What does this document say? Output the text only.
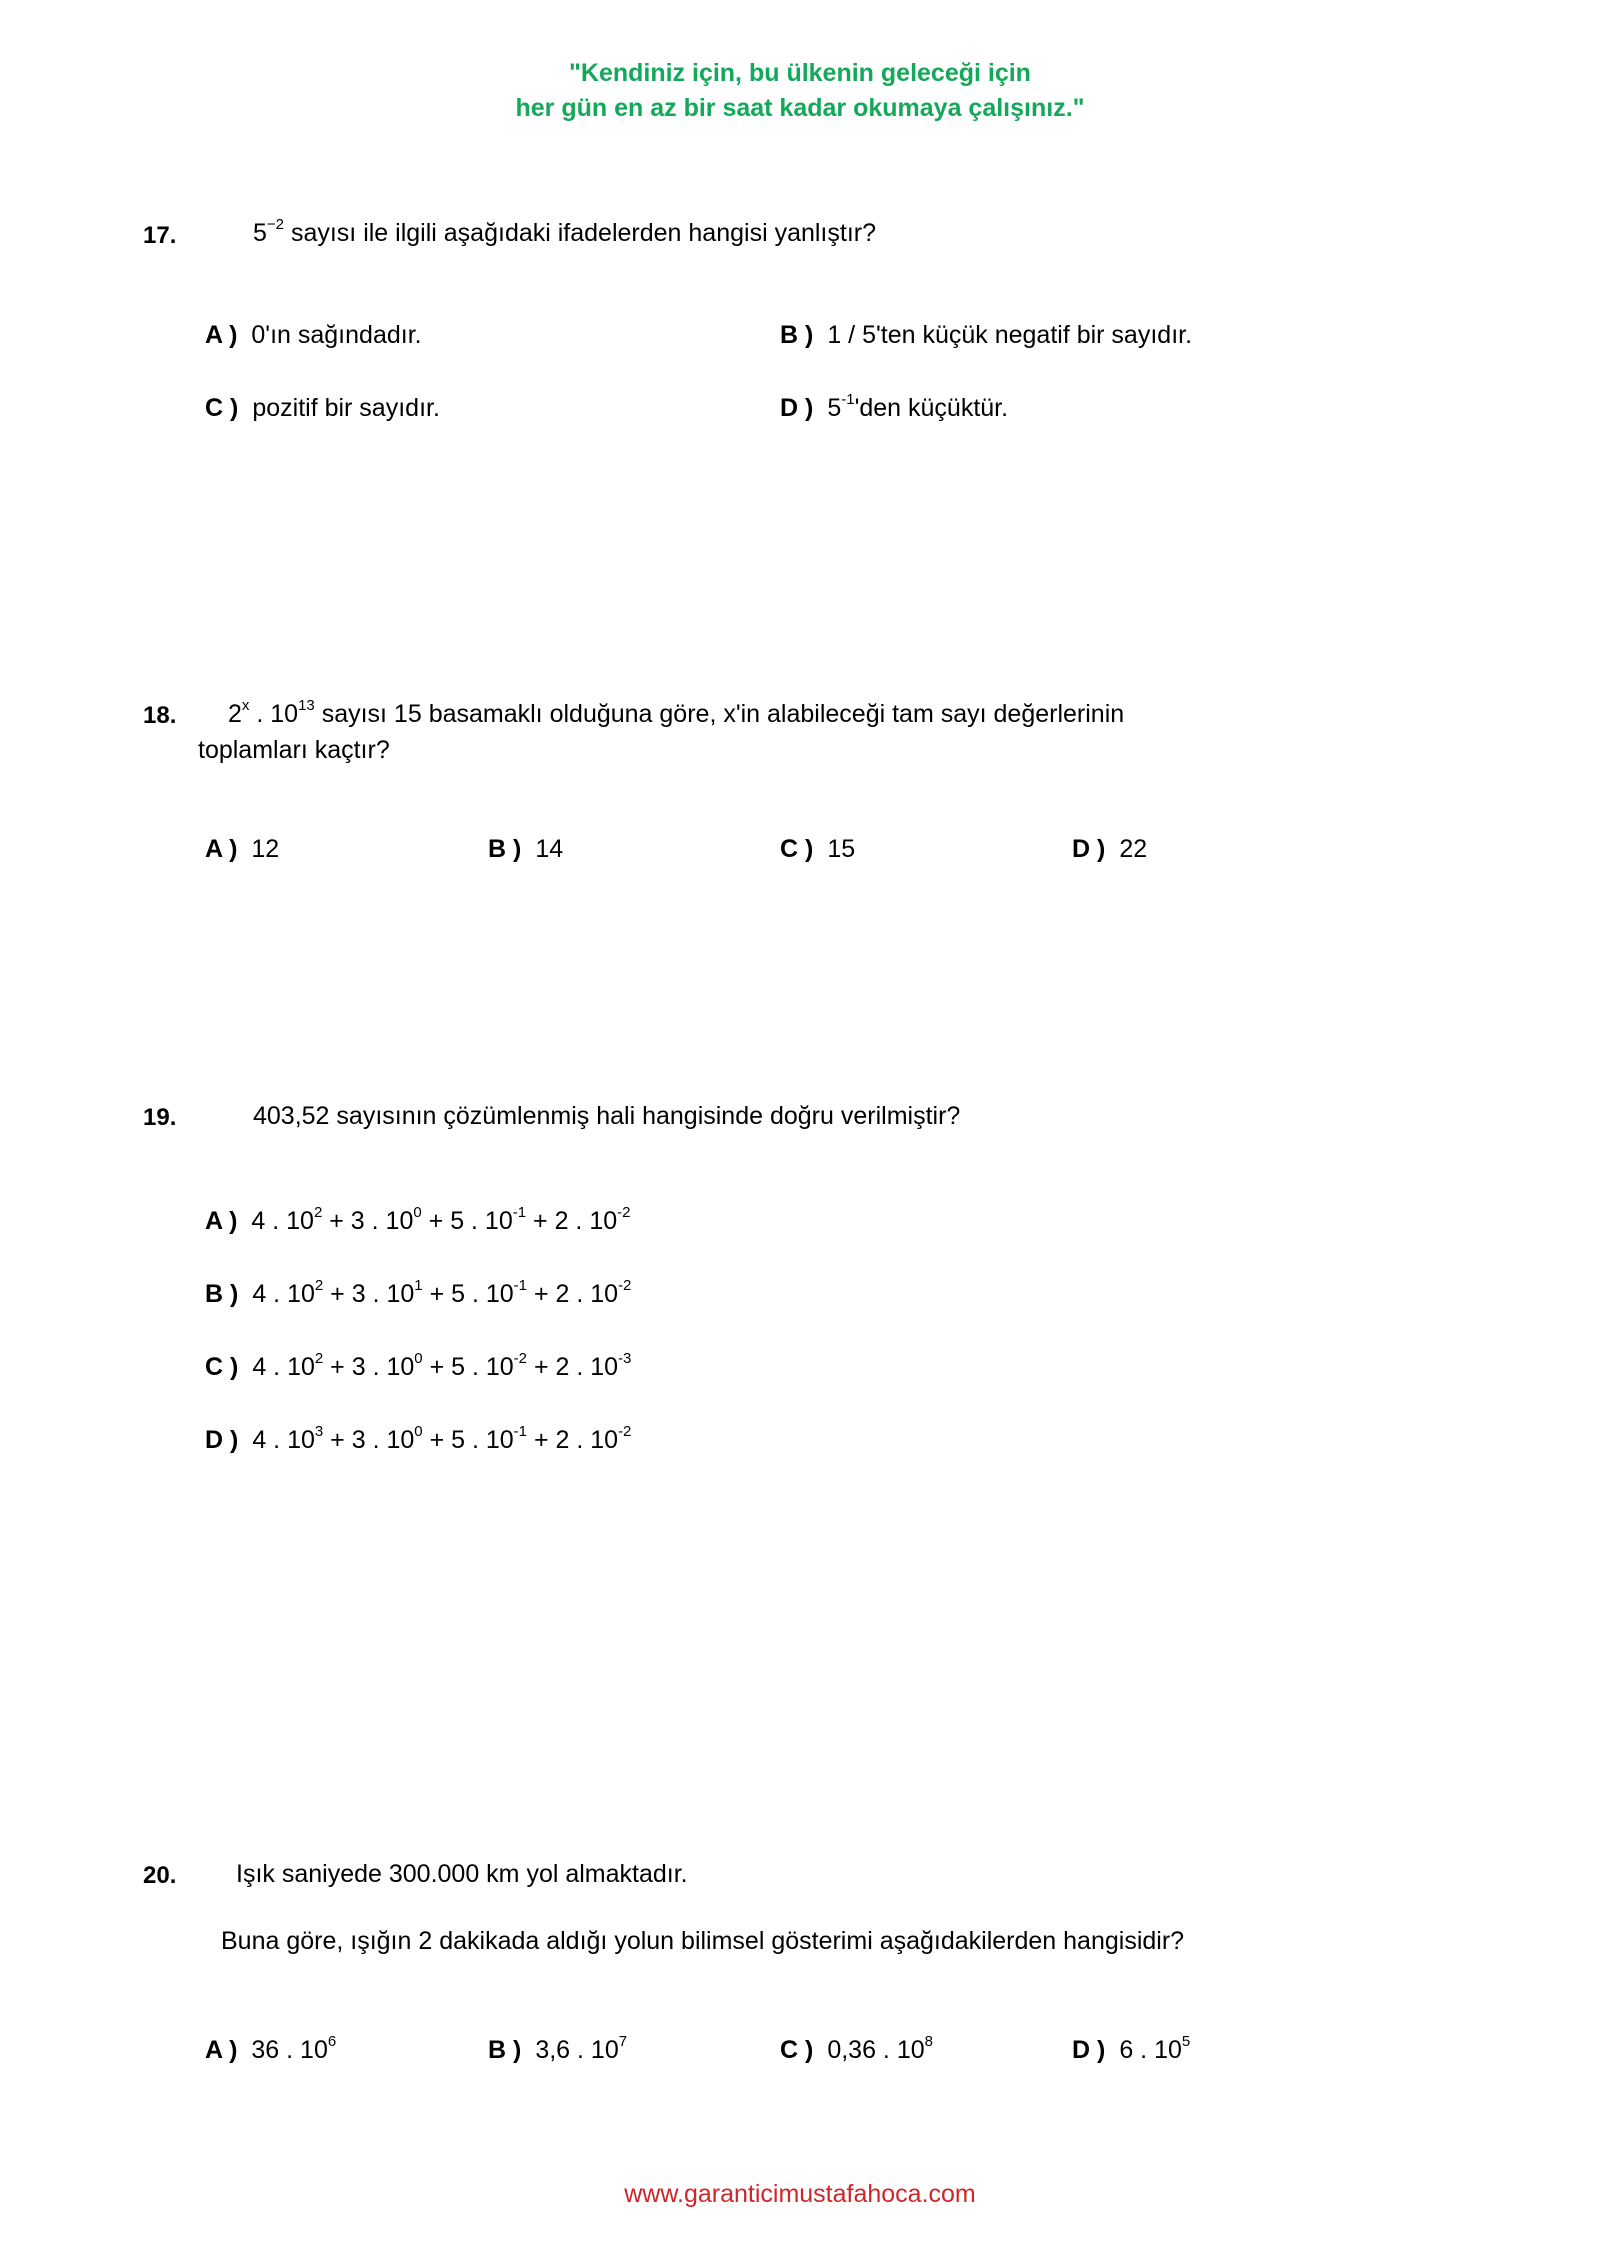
"Kendiniz için, bu ülkenin geleceği için
her gün en az bir saat kadar okumaya çalışınız."
17.	$5^{-2}$ sayısı ile ilgili aşağıdaki ifadelerden hangisi yanlıştır?
A ) 0'ın sağındadır.	B ) 1 / 5'ten küçük negatif bir sayıdır.
C ) pozitif bir sayıdır.	D ) $5^{-1}'den$ küçüktür.
18. 2$^x$ . $10^{13}$ sayısı 15 basamaklı olduğuna göre, x'in alabileceği tam sayı değerlerinin
toplamları kaçtır?
A ) 12	B ) 14	C ) 15	D ) 22
19.	403,52 sayısının çözümlenmiş hali hangisinde doğru verilmiştir?
A ) 4 . $10^2 + 3$ . $10^0 + 5$ . $10^{-1} + 2$ . $10^{-2}$
B ) 4 . $10^2 + 3$ . $10^1 + 5$ . $10^{-1} + 2$ . $10^{-2}$
C ) 4 . $10^2 + 3$ . $10^0 + 5$ . $10^{-2} + 2$ . $10^{-3}$
D ) 4 . $10^3 + 3$ . $10^0 + 5$ . $10^{-1} + 2$ . $10^{-2}$
20. Işık saniyede 300.000 km yol almaktadır.
Buna göre, ışığın 2 dakikada aldığı yolun bilimsel gösterimi aşağıdakilerden hangisidir?
A ) 36 . $10^6$	B ) 3,6 . $10^7$	C ) 0,36 . $10^8$	D ) 6 . $10^5$
www.garanticimustafahoca.com
